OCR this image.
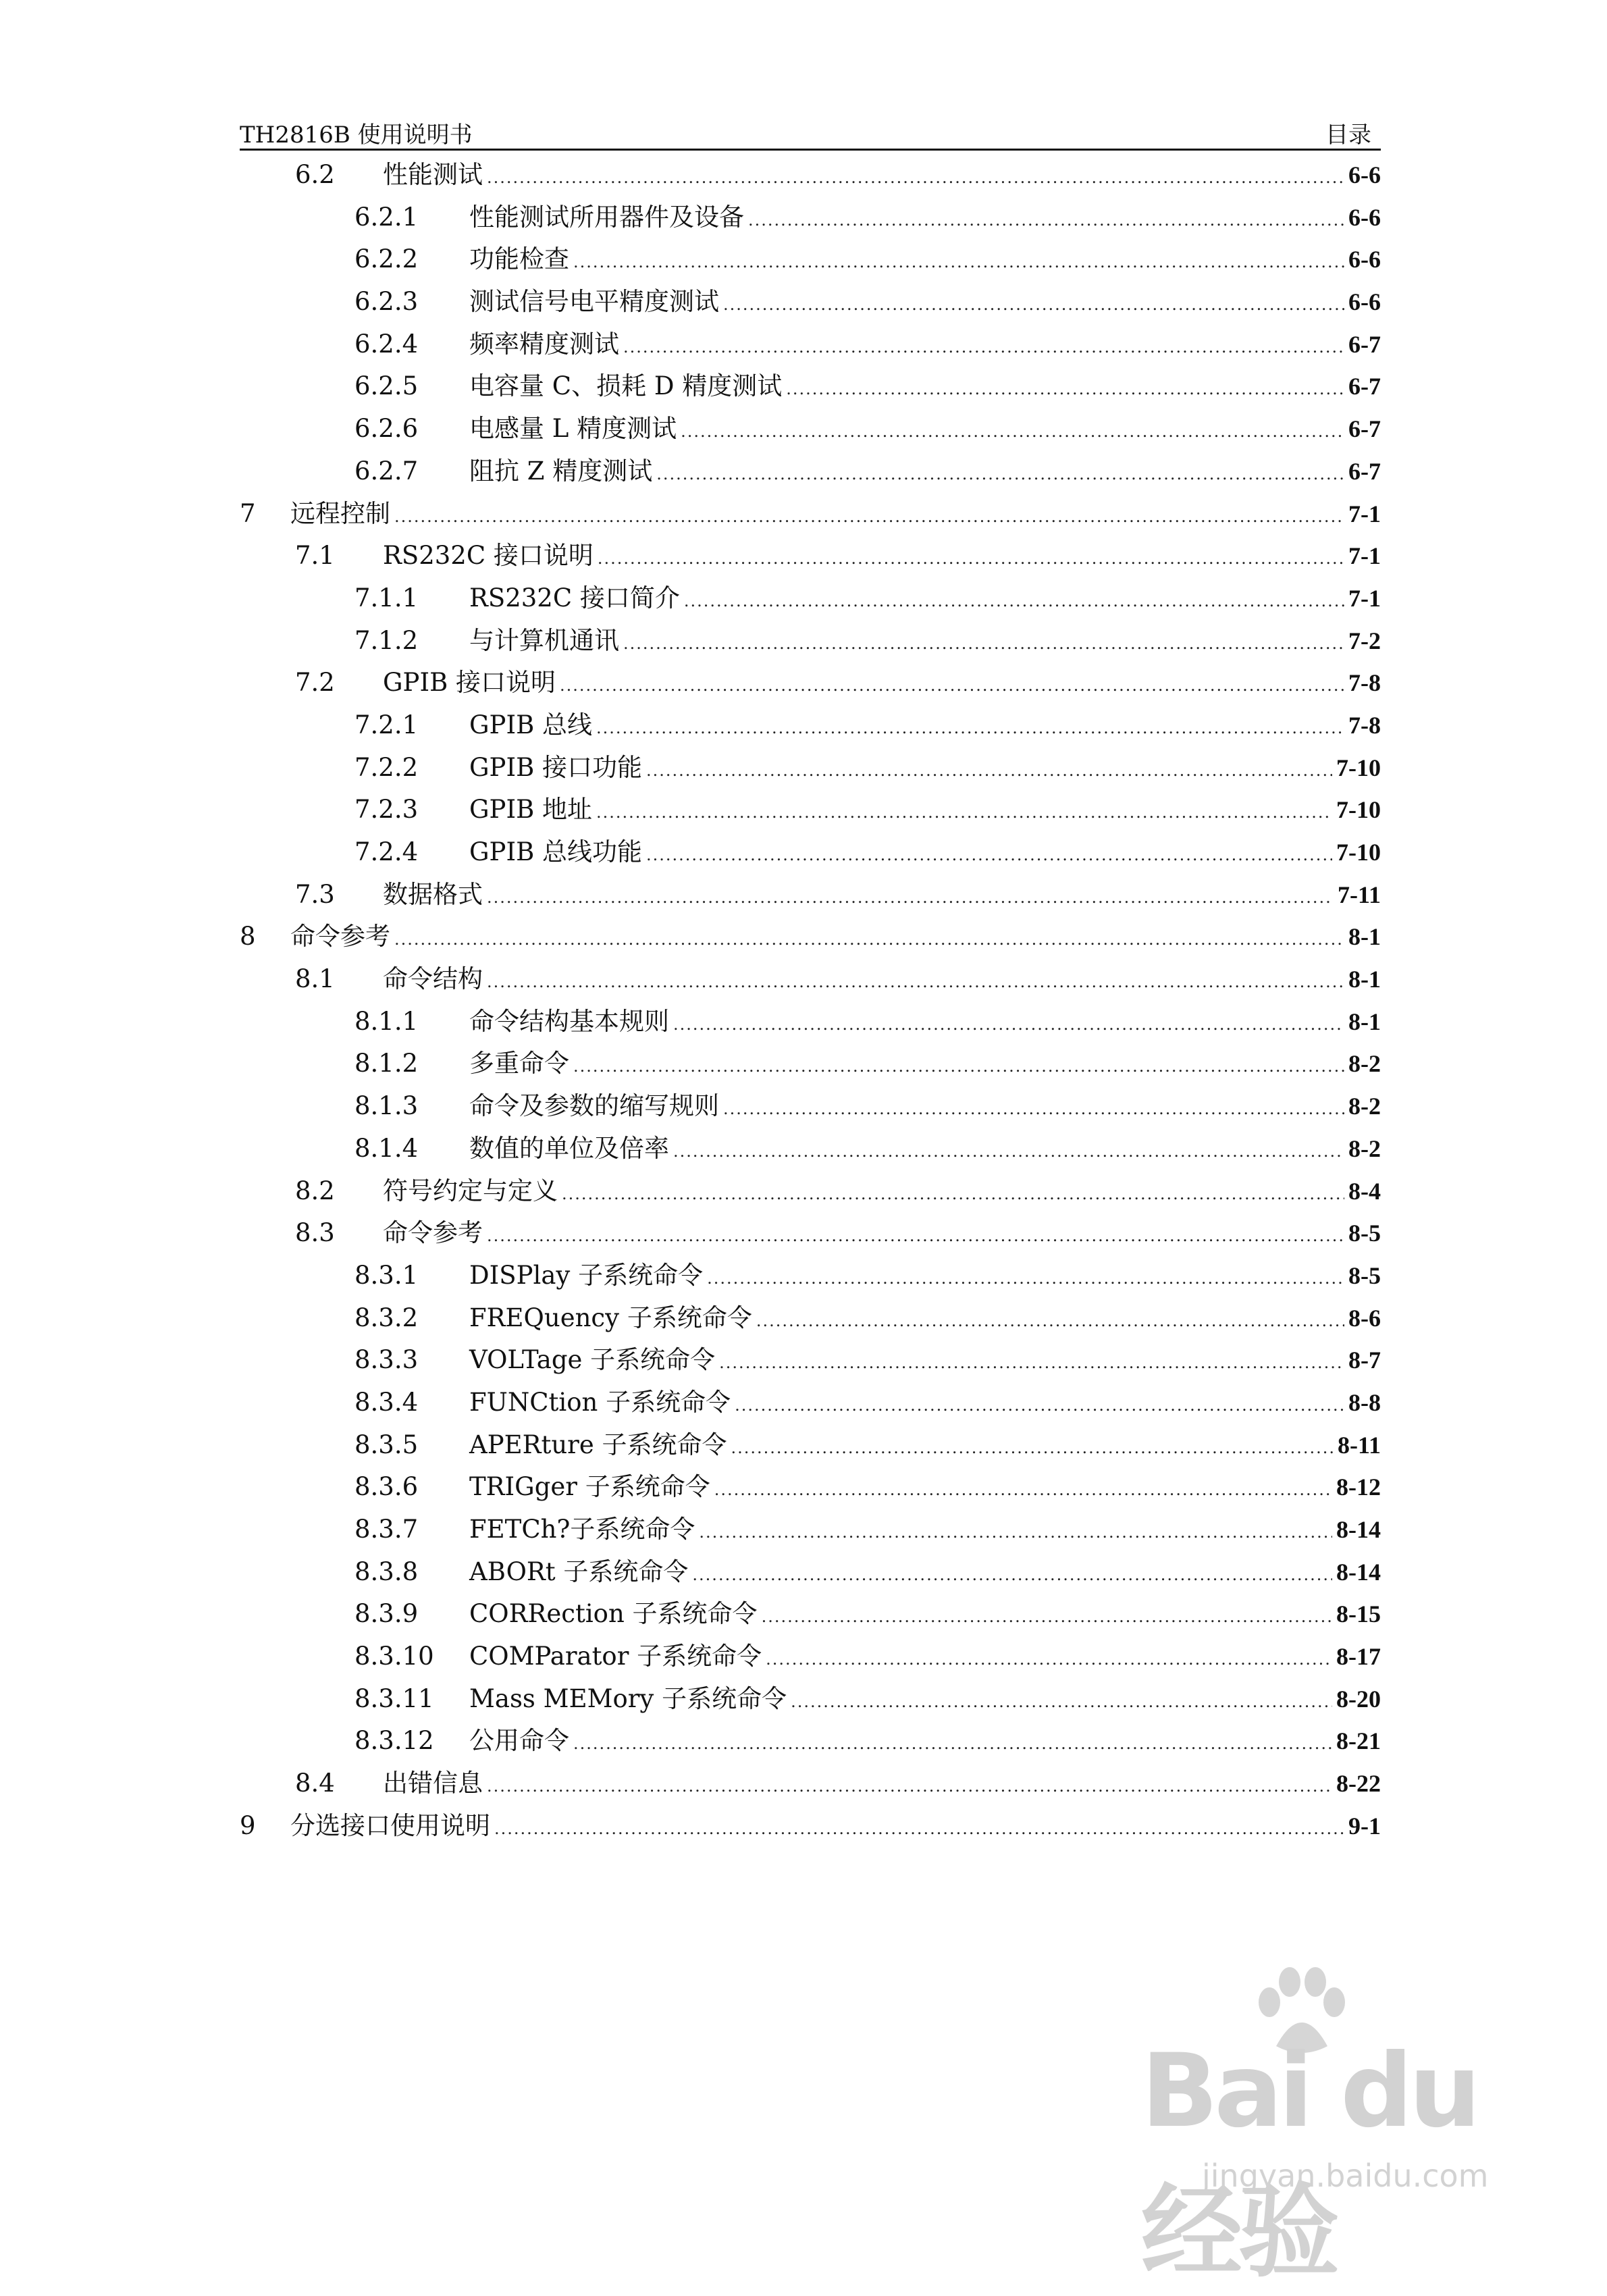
TH2816B 使用说明书	目录
6.2	性能测试 .....	6-6
6.2.1	性能测试所用器件及设备 .....	6-6
6.2.2	功能检查 .....	6-6
6.2.3	测试信号电平精度测试 .....	6-6
6.2.4	频率精度测试 .....	6-7
6.2.5	电容量 C、损耗 D 精度测试 .....	6-7
6.2.6	电感量 L 精度测试 .....	6-7
6.2.7	阻抗 Z 精度测试 .....	6-7
7	远程控制 .....	7-1
7.1	RS232C 接口说明 .....	7-1
7.1.1	RS232C 接口简介 .....	7-1
7.1.2	与计算机通讯 .....	7-2
7.2	GPIB 接口说明 .....	7-8
7.2.1	GPIB 总线 .....	7-8
7.2.2	GPIB 接口功能 .....	7-10
7.2.3	GPIB 地址 .....	7-10
7.2.4	GPIB 总线功能 .....	7-10
7.3	数据格式 .....	7-11
8	命令参考 .....	8-1
8.1	命令结构 .....	8-1
8.1.1	命令结构基本规则 .....	8-1
8.1.2	多重命令 .....	8-2
8.1.3	命令及参数的缩写规则 .....	8-2
8.1.4	数值的单位及倍率 .....	8-2
8.2	符号约定与定义 .....	8-4
8.3	命令参考 .....	8-5
8.3.1	DISPlay 子系统命令 .....	8-5
8.3.2	FREQuency 子系统命令 .....	8-6
8.3.3	VOLTage 子系统命令 .....	8-7
8.3.4	FUNCtion 子系统命令 .....	8-8
8.3.5	APERture 子系统命令 .....	8-11
8.3.6	TRIGger 子系统命令 .....	8-12
8.3.7	FETCh?子系统命令 .....	8-14
8.3.8	ABORt 子系统命令 .....	8-14
8.3.9	CORRection 子系统命令 .....	8-15
8.3.10	COMParator 子系统命令 .....	8-17
8.3.11	Mass MEMory 子系统命令 .....	8-20
8.3.12	公用命令 .....	8-21
8.4	出错信息 .....	8-22
9	分选接口使用说明 .....	9-1
Bai du 经验
jingyan.baidu.com
